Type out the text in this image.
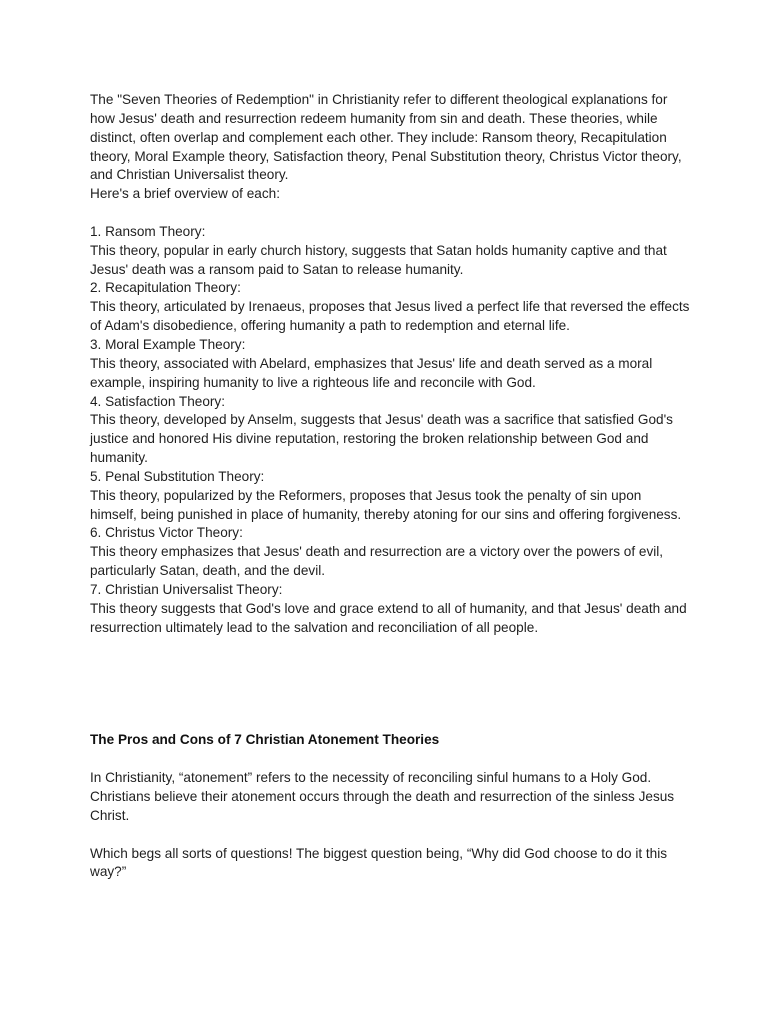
The "Seven Theories of Redemption" in Christianity refer to different theological explanations for how Jesus' death and resurrection redeem humanity from sin and death. These theories, while distinct, often overlap and complement each other. They include: Ransom theory, Recapitulation theory, Moral Example theory, Satisfaction theory, Penal Substitution theory, Christus Victor theory, and Christian Universalist theory.

Here's a brief overview of each:

1. Ransom Theory:

This theory, popular in early church history, suggests that Satan holds humanity captive and that Jesus' death was a ransom paid to Satan to release humanity.

2. Recapitulation Theory:

This theory, articulated by Irenaeus, proposes that Jesus lived a perfect life that reversed the effects of Adam's disobedience, offering humanity a path to redemption and eternal life.

3. Moral Example Theory:

This theory, associated with Abelard, emphasizes that Jesus' life and death served as a moral example, inspiring humanity to live a righteous life and reconcile with God.

4. Satisfaction Theory:

This theory, developed by Anselm, suggests that Jesus' death was a sacrifice that satisfied God's justice and honored His divine reputation, restoring the broken relationship between God and humanity.

5. Penal Substitution Theory:

This theory, popularized by the Reformers, proposes that Jesus took the penalty of sin upon himself, being punished in place of humanity, thereby atoning for our sins and offering forgiveness.

6. Christus Victor Theory:

This theory emphasizes that Jesus' death and resurrection are a victory over the powers of evil, particularly Satan, death, and the devil.

7. Christian Universalist Theory:

This theory suggests that God's love and grace extend to all of humanity, and that Jesus' death and resurrection ultimately lead to the salvation and reconciliation of all people.

The Pros and Cons of 7 Christian Atonement Theories

In Christianity, “atonement” refers to the necessity of reconciling sinful humans to a Holy God. Christians believe their atonement occurs through the death and resurrection of the sinless Jesus Christ.

Which begs all sorts of questions! The biggest question being, “Why did God choose to do it this way?”
